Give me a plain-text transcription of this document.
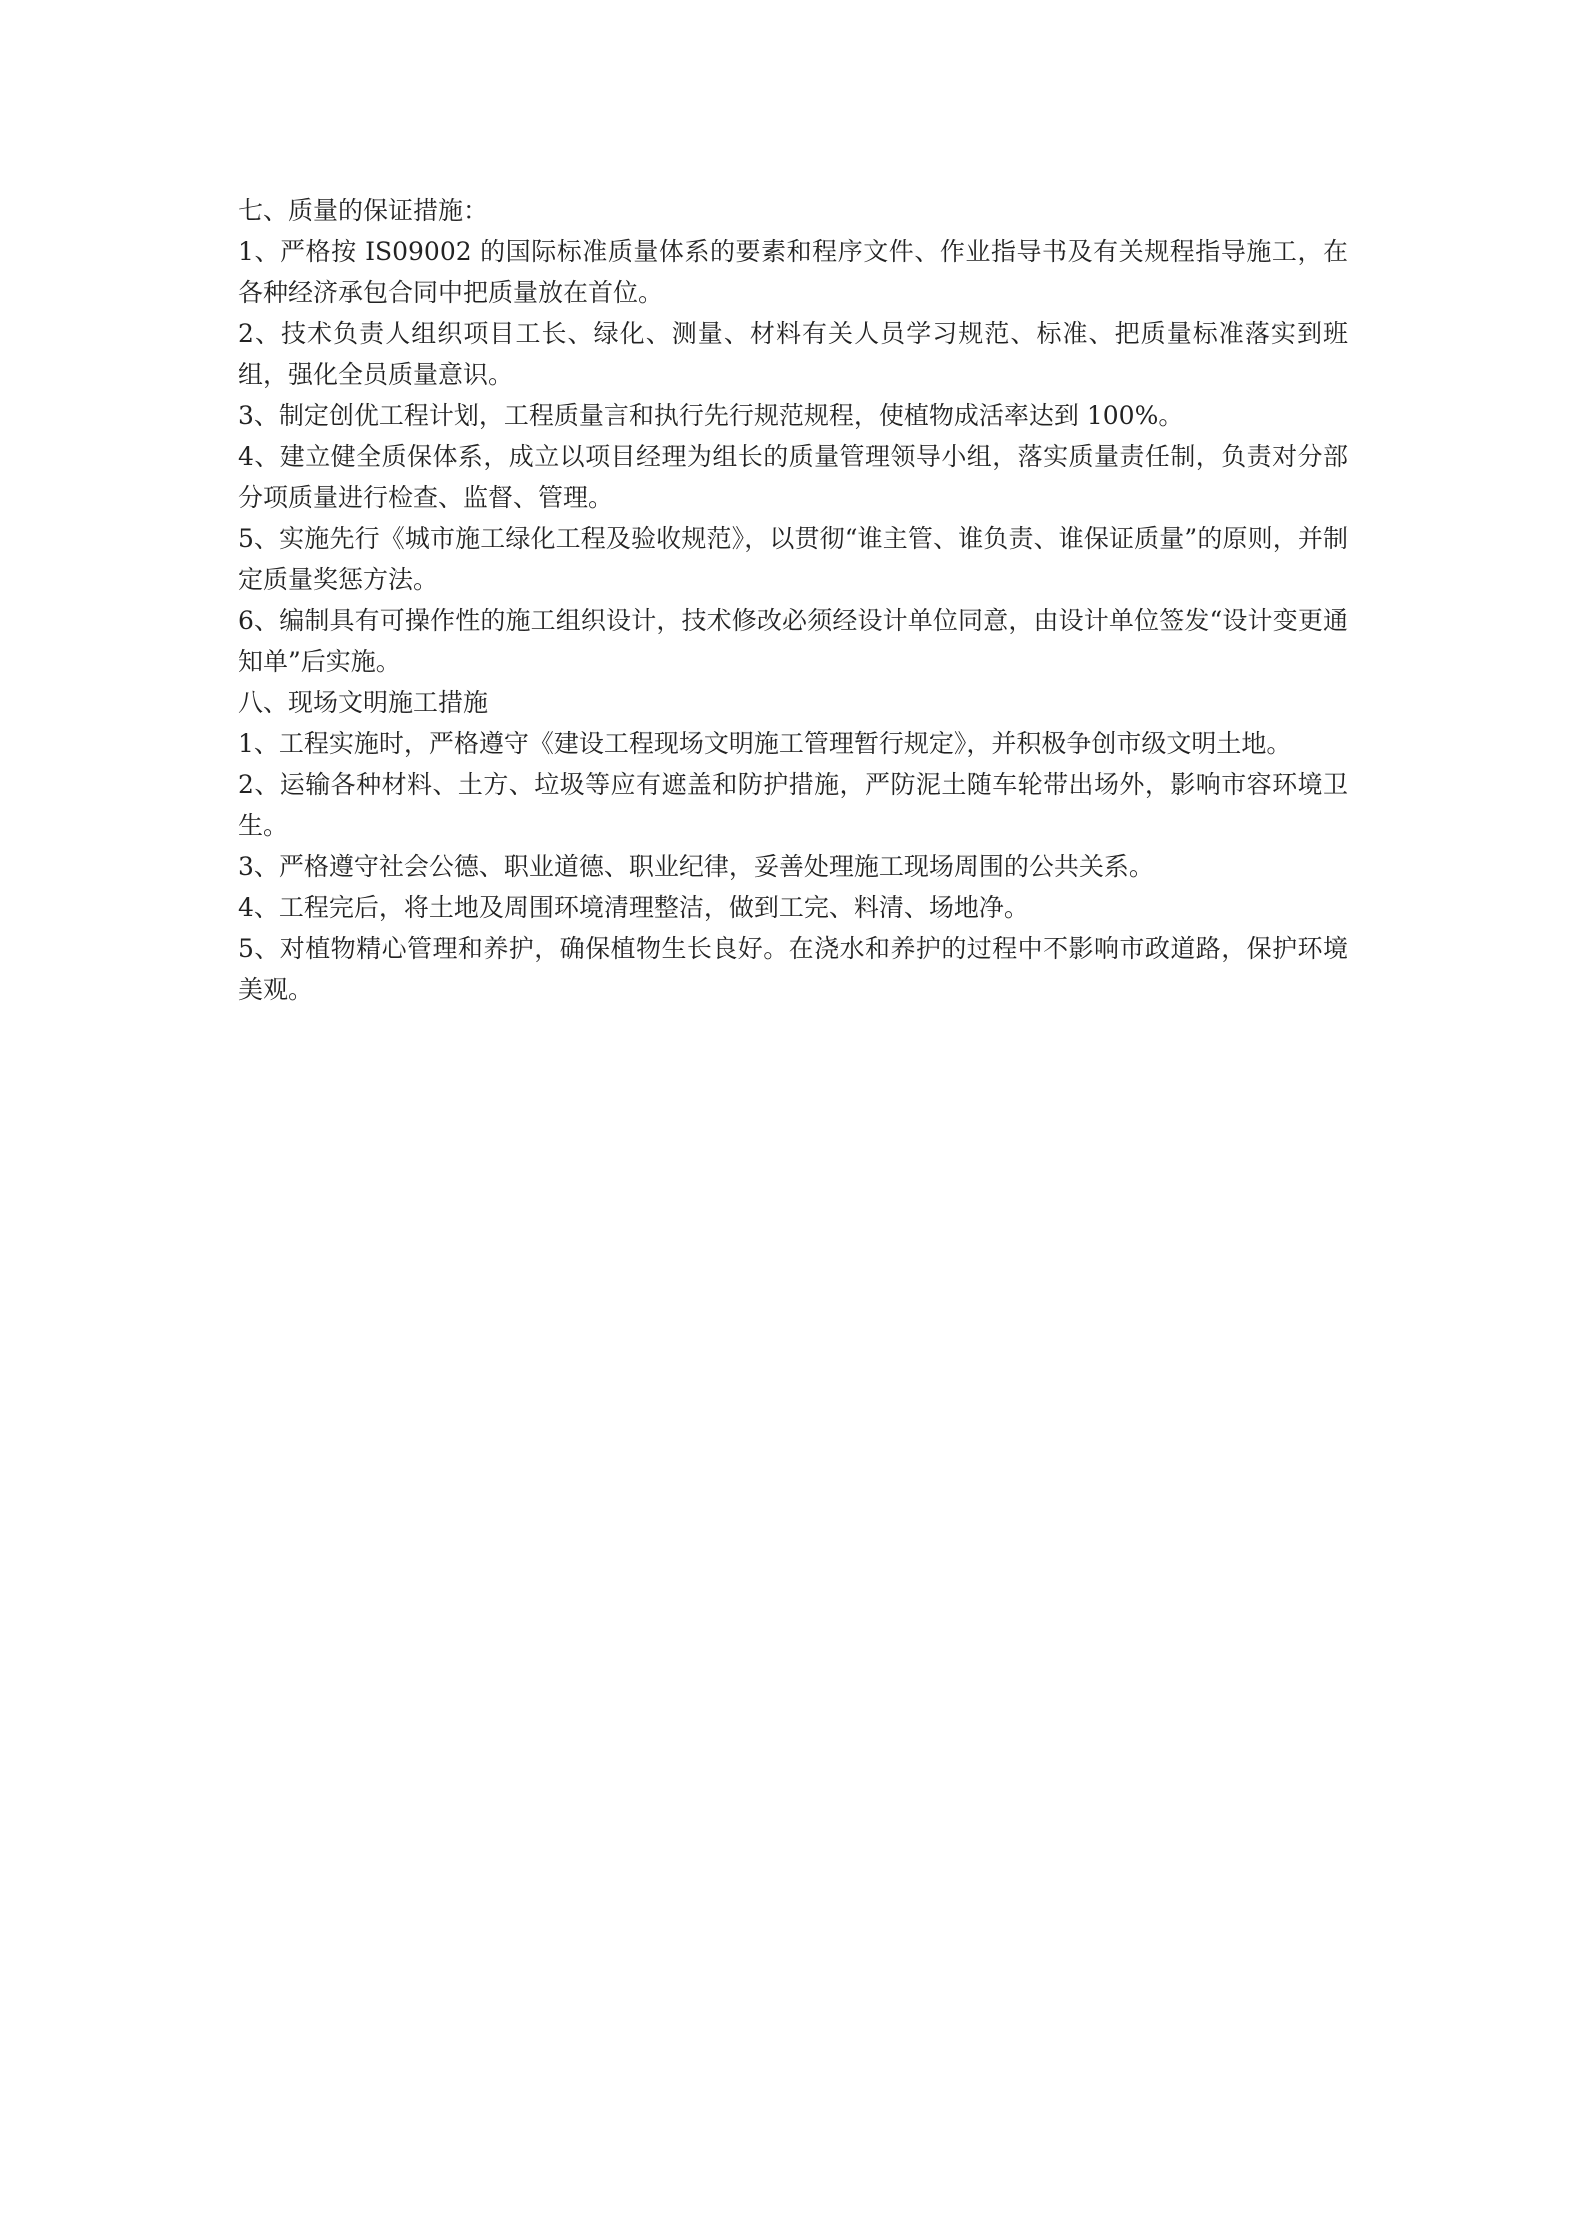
七、质量的保证措施：

1、严格按 IS09002 的国际标准质量体系的要素和程序文件、作业指导书及有关规程指导施工，在各种经济承包合同中把质量放在首位。

2、技术负责人组织项目工长、绿化、测量、材料有关人员学习规范、标准、把质量标准落实到班组，强化全员质量意识。

3、制定创优工程计划，工程质量言和执行先行规范规程，使植物成活率达到 100%。

4、建立健全质保体系，成立以项目经理为组长的质量管理领导小组，落实质量责任制，负责对分部分项质量进行检查、监督、管理。

5、实施先行《城市施工绿化工程及验收规范》，以贯彻“谁主管、谁负责、谁保证质量”的原则，并制定质量奖惩方法。

6、编制具有可操作性的施工组织设计，技术修改必须经设计单位同意，由设计单位签发“设计变更通知单”后实施。

八、现场文明施工措施

1、工程实施时，严格遵守《建设工程现场文明施工管理暂行规定》，并积极争创市级文明土地。

2、运输各种材料、土方、垃圾等应有遮盖和防护措施，严防泥土随车轮带出场外，影响市容环境卫生。

3、严格遵守社会公德、职业道德、职业纪律，妥善处理施工现场周围的公共关系。

4、工程完后，将土地及周围环境清理整洁，做到工完、料清、场地净。

5、对植物精心管理和养护，确保植物生长良好。在浇水和养护的过程中不影响市政道路，保护环境美观。
